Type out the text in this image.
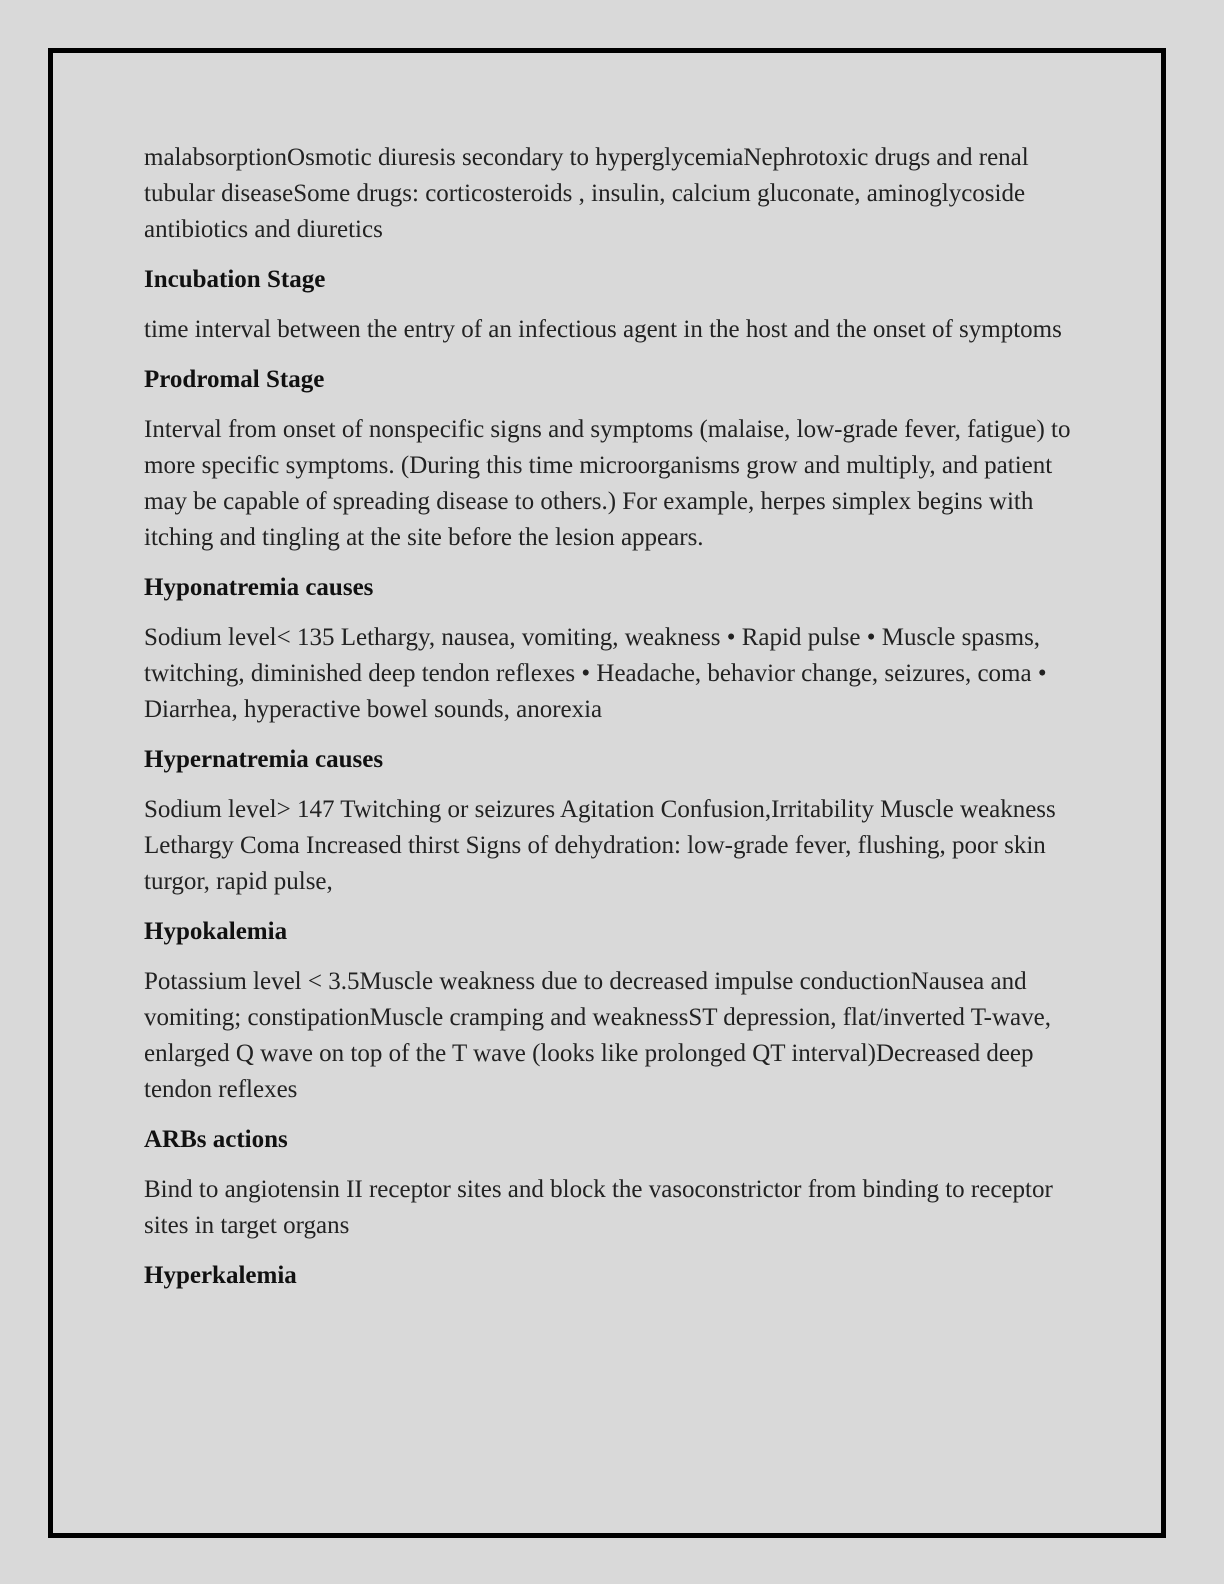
malabsorptionOsmotic diuresis secondary to hyperglycemiaNephrotoxic drugs and renal tubular diseaseSome drugs: corticosteroids , insulin, calcium gluconate, aminoglycoside antibiotics and diuretics

Incubation Stage

time interval between the entry of an infectious agent in the host and the onset of symptoms

Prodromal Stage

Interval from onset of nonspecific signs and symptoms (malaise, low-grade fever, fatigue) to more specific symptoms. (During this time microorganisms grow and multiply, and patient may be capable of spreading disease to others.) For example, herpes simplex begins with itching and tingling at the site before the lesion appears.

Hyponatremia causes

Sodium level< 135 Lethargy, nausea, vomiting, weakness • Rapid pulse • Muscle spasms, twitching, diminished deep tendon reflexes • Headache, behavior change, seizures, coma • Diarrhea, hyperactive bowel sounds, anorexia

Hypernatremia causes

Sodium level> 147 Twitching or seizures Agitation Confusion,Irritability Muscle weakness Lethargy Coma Increased thirst Signs of dehydration: low-grade fever, flushing, poor skin turgor, rapid pulse,

Hypokalemia

Potassium level < 3.5Muscle weakness due to decreased impulse conductionNausea and vomiting; constipationMuscle cramping and weaknessST depression, flat/inverted T-wave, enlarged Q wave on top of the T wave (looks like prolonged QT interval)Decreased deep tendon reflexes

ARBs actions

Bind to angiotensin II receptor sites and block the vasoconstrictor from binding to receptor sites in target organs

Hyperkalemia
